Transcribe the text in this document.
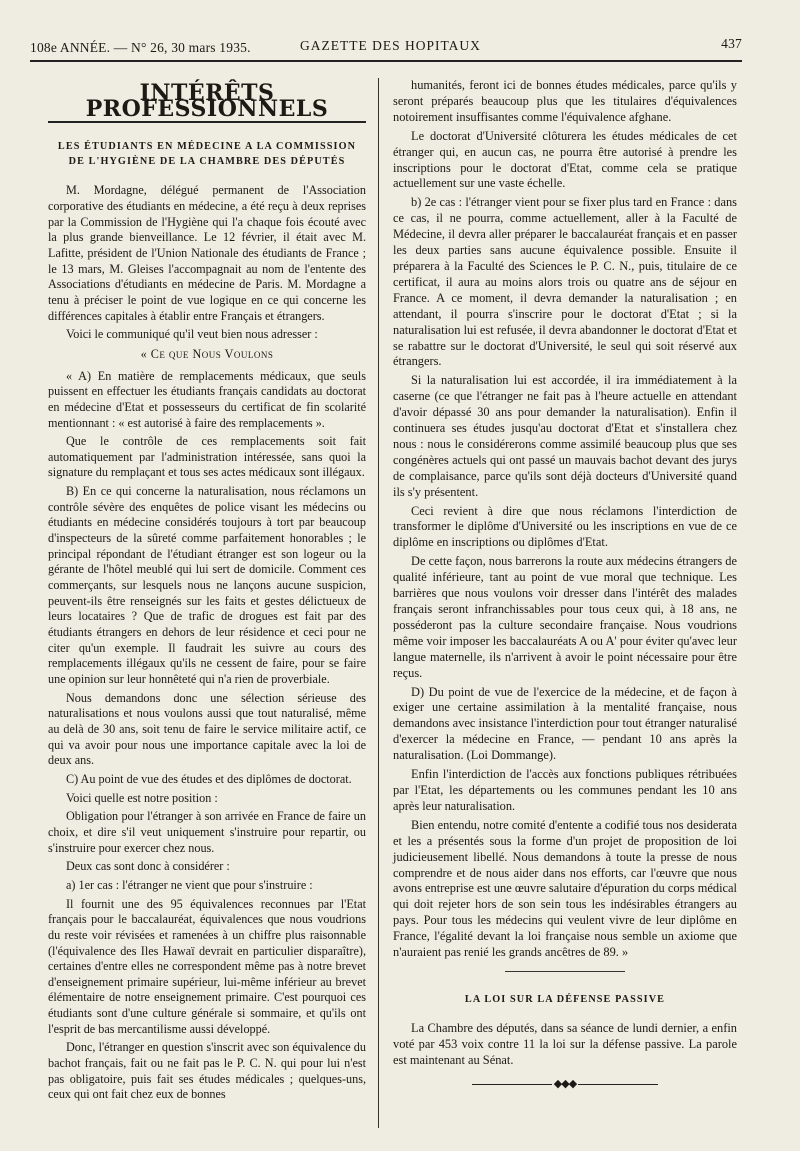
108e ANNÉE. — N° 26, 30 mars 1935.	GAZETTE DES HOPITAUX	437
INTÉRÊTS PROFESSIONNELS
LES ÉTUDIANTS EN MÉDECINE A LA COMMISSION DE L'HYGIÈNE DE LA CHAMBRE DES DÉPUTÉS

M. Mordagne, délégué permanent de l'Association corporative des étudiants en médecine, a été reçu à deux reprises par la Commission de l'Hygiène qui l'a chaque fois écouté avec la plus grande bienveillance. Le 12 février, il était avec M. Lafitte, président de l'Union Nationale des étudiants de France ; le 13 mars, M. Gleises l'accompagnait au nom de l'entente des Associations d'étudiants en médecine de Paris. M. Mordagne a tenu à préciser le point de vue logique en ce qui concerne les différences capitales à établir entre Français et étrangers.

Voici le communiqué qu'il veut bien nous adresser :

« Ce que Nous Voulons

« A) En matière de remplacements médicaux, que seuls puissent en effectuer les étudiants français candidats au doctorat en médecine d'Etat et possesseurs du certificat de fin scolarité mentionnant : « est autorisé à faire des remplacements ».

Que le contrôle de ces remplacements soit fait automatiquement par l'administration intéressée, sans quoi la signature du remplaçant et tous ses actes médicaux sont illégaux.

B) En ce qui concerne la naturalisation, nous réclamons un contrôle sévère des enquêtes de police visant les médecins ou étudiants en médecine considérés toujours à tort par beaucoup d'inspecteurs de la sûreté comme parfaitement honorables ; le principal répondant de l'étudiant étranger est son logeur ou la gérante de l'hôtel meublé qui lui sert de domicile. Comment ces commerçants, sur lesquels nous ne lançons aucune suspicion, peuvent-ils être renseignés sur les faits et gestes délictueux de leurs locataires ? Que de trafic de drogues est fait par des étudiants étrangers en dehors de leur résidence et ceci pour ne citer qu'un exemple. Il faudrait les suivre au cours des remplacements illégaux qu'ils ne cessent de faire, pour se faire une opinion sur leur honnêteté qui n'a rien de proverbiale.

Nous demandons donc une sélection sérieuse des naturalisations et nous voulons aussi que tout naturalisé, même au delà de 30 ans, soit tenu de faire le service militaire actif, ce qui va avoir pour nous une importance capitale avec la loi de deux ans.

C) Au point de vue des études et des diplômes de doctorat.

Voici quelle est notre position :

Obligation pour l'étranger à son arrivée en France de faire un choix, et dire s'il veut uniquement s'instruire pour repartir, ou s'instruire pour exercer chez nous.

Deux cas sont donc à considérer :

a) 1er cas : l'étranger ne vient que pour s'instruire :

Il fournit une des 95 équivalences reconnues par l'Etat français pour le baccalauréat, équivalences que nous voudrions du reste voir révisées et ramenées à un chiffre plus raisonnable (l'équivalence des Iles Hawaï devrait en particulier disparaître), certaines d'entre elles ne correspondent même pas à notre brevet d'enseignement primaire supérieur, lui-même inférieur au brevet élémentaire de notre enseignement primaire. C'est pourquoi ces étudiants sont d'une culture générale si sommaire, et qu'ils ont l'esprit de bas mercantilisme aussi développé.

Donc, l'étranger en question s'inscrit avec son équivalence du bachot français, fait ou ne fait pas le P. C. N. qui pour lui n'est pas obligatoire, puis fait ses études médicales ; quelques-uns, ceux qui ont fait chez eux de bonnes

humanités, feront ici de bonnes études médicales, parce qu'ils y seront préparés beaucoup plus que les titulaires d'équivalences notoirement insuffisantes comme l'équivalence afghane.

Le doctorat d'Université clôturera les études médicales de cet étranger qui, en aucun cas, ne pourra être autorisé à prendre les inscriptions pour le doctorat d'Etat, comme cela se pratique actuellement sur une vaste échelle.

b) 2e cas : l'étranger vient pour se fixer plus tard en France : dans ce cas, il ne pourra, comme actuellement, aller à la Faculté de Médecine, il devra aller préparer le baccalauréat français et en passer les deux parties sans aucune équivalence possible. Ensuite il préparera à la Faculté des Sciences le P. C. N., puis, titulaire de ce certificat, il aura au moins alors trois ou quatre ans de séjour en France. A ce moment, il devra demander la naturalisation ; en attendant, il pourra s'inscrire pour le doctorat d'Etat ; si la naturalisation lui est refusée, il devra abandonner le doctorat d'Etat et se rabattre sur le doctorat d'Université, le seul qui soit réservé aux étrangers.

Si la naturalisation lui est accordée, il ira immédiatement à la caserne (ce que l'étranger ne fait pas à l'heure actuelle en attendant d'avoir dépassé 30 ans pour demander la naturalisation). Enfin il continuera ses études jusqu'au doctorat d'Etat et s'installera chez nous : nous le considérerons comme assimilé beaucoup plus que ses congénères actuels qui ont passé un mauvais bachot devant des jurys de complaisance, parce qu'ils sont déjà docteurs d'Université quand ils s'y présentent.

Ceci revient à dire que nous réclamons l'interdiction de transformer le diplôme d'Université ou les inscriptions en vue de ce diplôme en inscriptions ou diplômes d'Etat.

De cette façon, nous barrerons la route aux médecins étrangers de qualité inférieure, tant au point de vue moral que technique. Les barrières que nous voulons voir dresser dans l'intérêt des malades français seront infranchissables pour tous ceux qui, à 18 ans, ne posséderont pas la culture secondaire française. Nous voudrions même voir imposer les baccalauréats A ou A' pour éviter qu'avec leur langue maternelle, ils n'arrivent à avoir le point nécessaire pour être reçus.

D) Du point de vue de l'exercice de la médecine, et de façon à exiger une certaine assimilation à la mentalité française, nous demandons avec insistance l'interdiction pour tout étranger naturalisé d'exercer la médecine en France, — pendant 10 ans après la naturalisation. (Loi Dommange).

Enfin l'interdiction de l'accès aux fonctions publiques rétribuées par l'Etat, les départements ou les communes pendant les 10 ans après leur naturalisation.

Bien entendu, notre comité d'entente a codifié tous nos desiderata et les a présentés sous la forme d'un projet de proposition de loi judicieusement libellé. Nous demandons à toute la presse de nous comprendre et de nous aider dans nos efforts, car l'œuvre que nous avons entreprise est une œuvre salutaire d'épuration du corps médical qui doit rejeter hors de son sein tous les indésirables étrangers au pays. Pour tous les médecins qui veulent vivre de leur diplôme en France, l'égalité devant la loi française nous semble un axiome que n'auraient pas renié les grands ancêtres de 89. »

LA LOI SUR LA DÉFENSE PASSIVE

La Chambre des députés, dans sa séance de lundi dernier, a enfin voté par 453 voix contre 11 la loi sur la défense passive. La parole est maintenant au Sénat.

◆◆◆
